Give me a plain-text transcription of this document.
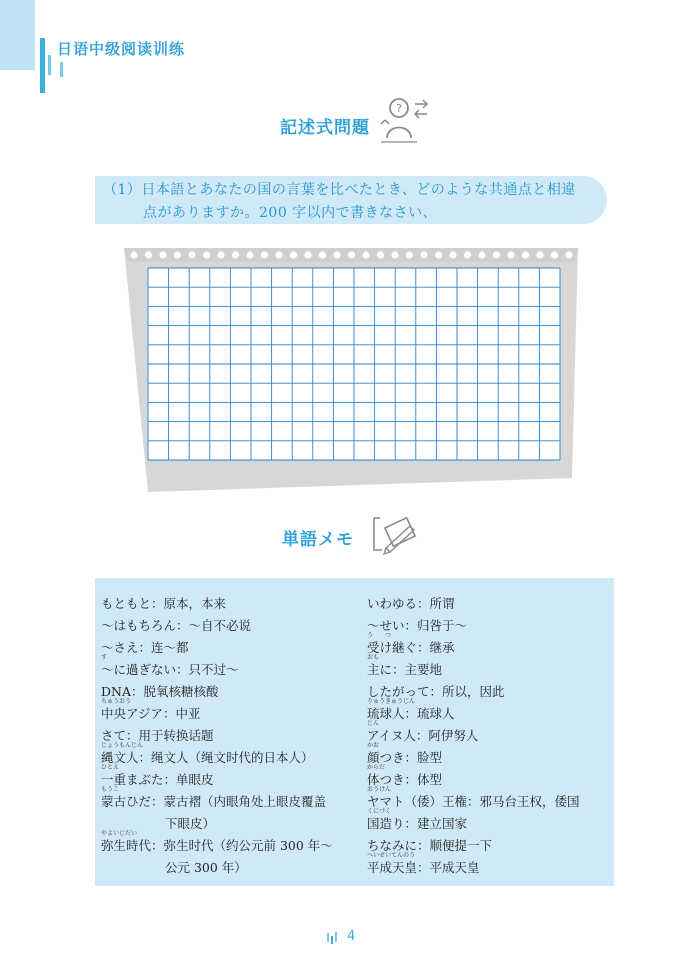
日语中级阅读训练
記述式問題
?
（1）日本語とあなたの国の言葉を比べたとき、どのような共通点と相違
点がありますか。200 字以内で書きなさい、
単語メモ
もともと：原本，本来
～はもちろん：～自不必说
～さえ：连～都
す
～に過ぎない：只不过～
DNA：脱氧核糖核酸
ちゅうおう
中央アジア：中亚
さて：用于转换话题
じょうもんじん
縄文人：绳文人（绳文时代的日本人）
ひとえ
一重まぶた：单眼皮
もうこ
蒙古ひだ：蒙古褶（内眼角处上眼皮覆盖
下眼皮）
やよいじだい
弥生時代：弥生时代（约公元前 300 年～
公元 300 年）
いわゆる：所谓
～せい：归咎于～
う　　つ
受け継ぐ：继承
おも
主に：主要地
したがって：所以，因此
りゅうきゅうじん
琉球人：琉球人
じん
アイヌ人：阿伊努人
かお
顔つき：脸型
からだ
体つき：体型
おうけん
ヤマト（倭）王権：邪马台王权，倭国
くにづく
国造り：建立国家
ちなみに：顺便提一下
へいせいてんのう
平成天皇：平成天皇
4
